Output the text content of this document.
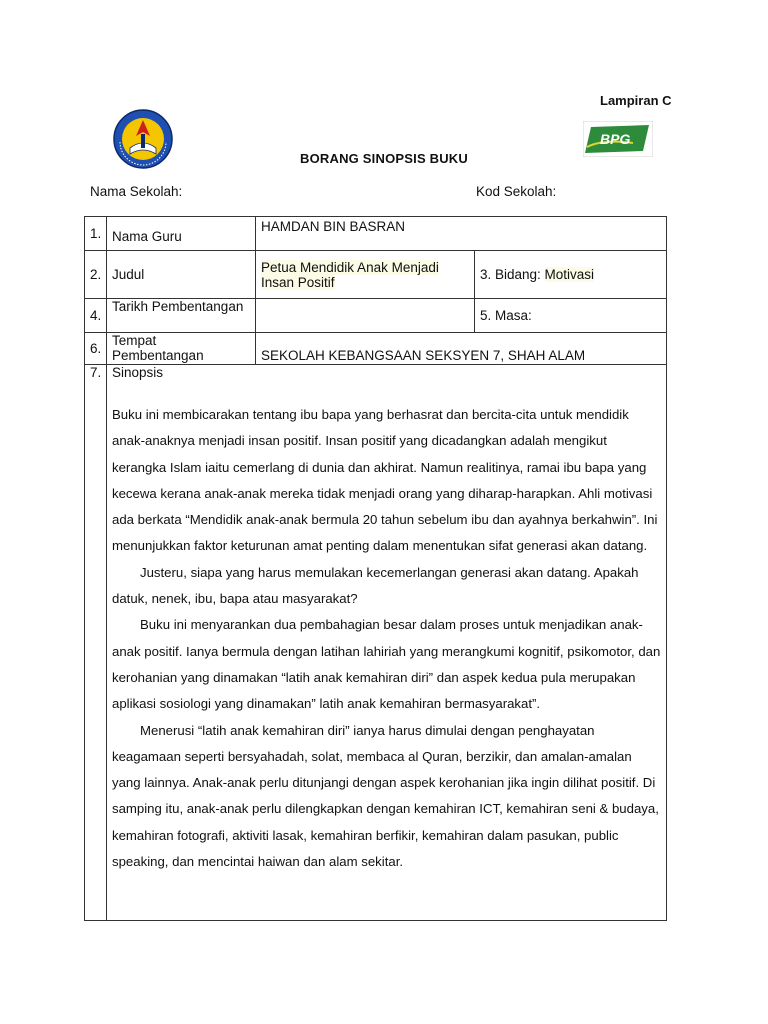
Lampiran C
BPG
BORANG SINOPSIS BUKU
Nama Sekolah:	Kod Sekolah:
1.	Nama Guru	HAMDAN BIN BASRAN	
2.	Judul	Petua Mendidik Anak Menjadi Insan Positif	3. Bidang: Motivasi
4.	Tarikh Pembentangan		5. Masa:
6.	Tempat Pembentangan	SEKOLAH KEBANGSAAN SEKSYEN 7, SHAH ALAM	
7.	Sinopsis

Buku ini membicarakan tentang ibu bapa yang berhasrat dan bercita-cita untuk mendidik anak-anaknya menjadi insan positif. Insan positif yang dicadangkan adalah mengikut kerangka Islam iaitu cemerlang di dunia dan akhirat. Namun realitinya, ramai ibu bapa yang kecewa kerana anak-anak mereka tidak menjadi orang yang diharap-harapkan. Ahli motivasi ada berkata “Mendidik anak-anak bermula 20 tahun sebelum ibu dan ayahnya berkahwin”. Ini menunjukkan faktor keturunan amat penting dalam menentukan sifat generasi akan datang.

Justeru, siapa yang harus memulakan kecemerlangan generasi akan datang. Apakah datuk, nenek, ibu, bapa atau masyarakat?

Buku ini menyarankan dua pembahagian besar dalam proses untuk menjadikan anak-anak positif. Ianya bermula dengan latihan lahiriah yang merangkumi kognitif, psikomotor, dan kerohanian yang dinamakan “latih anak kemahiran diri” dan aspek kedua pula merupakan aplikasi sosiologi yang dinamakan” latih anak kemahiran bermasyarakat”.

Menerusi “latih anak kemahiran diri” ianya harus dimulai dengan penghayatan keagamaan seperti bersyahadah, solat, membaca al Quran, berzikir, dan amalan-amalan yang lainnya. Anak-anak perlu ditunjangi dengan aspek kerohanian jika ingin dilihat positif. Di samping itu, anak-anak perlu dilengkapkan dengan kemahiran ICT, kemahiran seni & budaya, kemahiran fotografi, aktiviti lasak, kemahiran berfikir, kemahiran dalam pasukan, public speaking, dan mencintai haiwan dan alam sekitar.		
